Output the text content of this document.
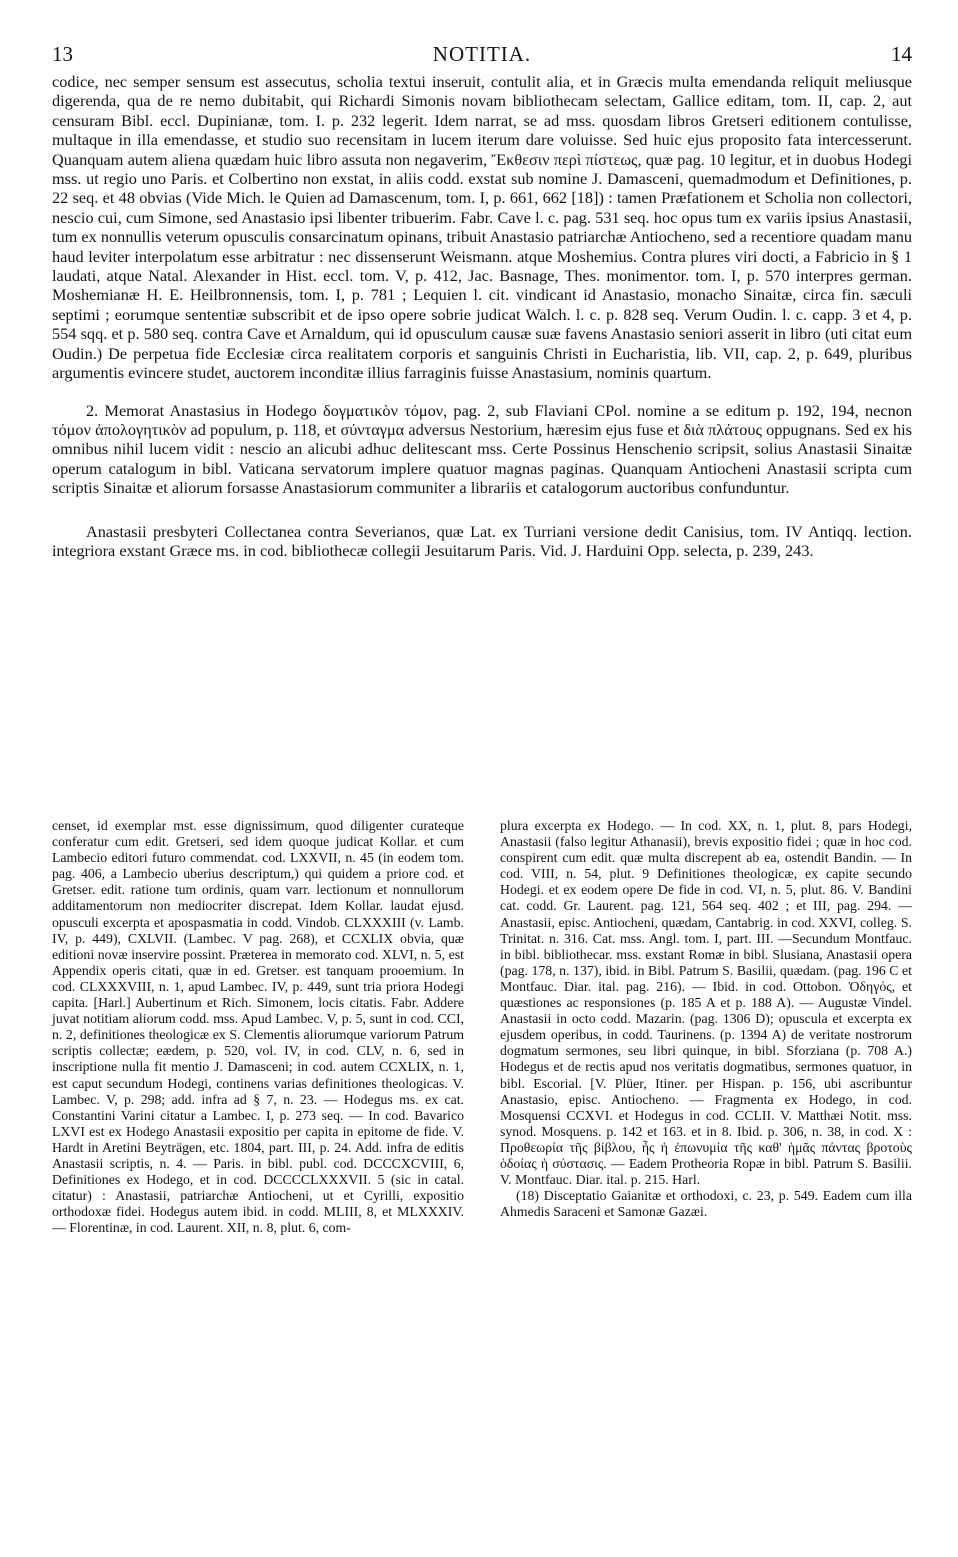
13	NOTITIA.	14

codice, nec semper sensum est assecutus, scholia textui inseruit, contulit alia, et in Græcis multa emendanda reliquit meliusque digerenda, qua de re nemo dubitabit, qui Richardi Simonis novam bibliothecam selectam, Gallice editam, tom. II, cap. 2, aut censuram Bibl. eccl. Dupinianæ, tom. I. p. 232 legerit. Idem narrat, se ad mss. quosdam libros Gretseri editionem contulisse, multaque in illa emendasse, et studio suo recensitam in lucem iterum dare voluisse. Sed huic ejus proposito fata intercesserunt. Quanquam autem aliena quædam huic libro assuta non negaverim, Ἔκθεσιν περὶ πίστεως, quæ pag. 10 legitur, et in duobus Hodegi mss. ut regio uno Paris. et Colbertino non exstat, in aliis codd. exstat sub nomine J. Damasceni, quemadmodum et Definitiones, p. 22 seq. et 48 obvias (Vide Mich. le Quien ad Damascenum, tom. I, p. 661, 662 [18]) : tamen Præfationem et Scholia non collectori, nescio cui, cum Simone, sed Anastasio ipsi libenter tribuerim. Fabr. Cave l. c. pag. 531 seq. hoc opus tum ex variis ipsius Anastasii, tum ex nonnullis veterum opusculis consarcinatum opinans, tribuit Anastasio patriarchæ Antiocheno, sed a recentiore quadam manu haud leviter interpolatum esse arbitratur : nec dissenserunt Weismann. atque Moshemius. Contra plures viri docti, a Fabricio in § 1 laudati, atque Natal. Alexander in Hist. eccl. tom. V, p. 412, Jac. Basnage, Thes. monimentor. tom. I, p. 570 interpres german. Moshemianæ H. E. Heilbronnensis, tom. I, p. 781 ; Lequien l. cit. vindicant id Anastasio, monacho Sinaitæ, circa fin. sæculi septimi ; eorumque sententiæ subscribit et de ipso opere sobrie judicat Walch. l. c. p. 828 seq. Verum Oudin. l. c. capp. 3 et 4, p. 554 sqq. et p. 580 seq. contra Cave et Arnaldum, qui id opusculum causæ suæ favens Anastasio seniori asserit in libro (uti citat eum Oudin.) De perpetua fide Ecclesiæ circa realitatem corporis et sanguinis Christi in Eucharistia, lib. VII, cap. 2, p. 649, pluribus argumentis evincere studet, auctorem inconditæ illius farraginis fuisse Anastasium, nominis quartum.

2. Memorat Anastasius in Hodego δογματικὸν τόμον, pag. 2, sub Flaviani CPol. nomine a se editum p. 192, 194, necnon τόμον ἀπολογητικὸν ad populum, p. 118, et σύνταγμα adversus Nestorium, hæresim ejus fuse et διὰ πλάτους oppugnans. Sed ex his omnibus nihil lucem vidit : nescio an alicubi adhuc delitescant mss. Certe Possinus Henschenio scripsit, solius Anastasii Sinaitæ operum catalogum in bibl. Vaticana servatorum implere quatuor magnas paginas. Quanquam Antiocheni Anastasii scripta cum scriptis Sinaitæ et aliorum forsasse Anastasiorum communiter a librariis et catalogorum auctoribus confunduntur.

Anastasii presbyteri Collectanea contra Severianos, quæ Lat. ex Turriani versione dedit Canisius, tom. IV Antiqq. lection. integriora exstant Græce ms. in cod. bibliothecæ collegii Jesuitarum Paris. Vid. J. Harduini Opp. selecta, p. 239, 243.

censet, id exemplar mst. esse dignissimum, quod diligenter curateque conferatur cum edit. Gretseri, sed idem quoque judicat Kollar. et cum Lambecio editori futuro commendat. cod. LXXVII, n. 45 (in eodem tom. pag. 406, a Lambecio uberius descriptum,) qui quidem a priore cod. et Gretser. edit. ratione tum ordinis, quam varr. lectionum et nonnullorum additamentorum non mediocriter discrepat. Idem Kollar. laudat ejusd. opusculi excerpta et apospasmatia in codd. Vindob. CLXXXIII (v. Lamb. IV, p. 449), CXLVII. (Lambec. V pag. 268), et CCXLIX obvia, quæ editioni novæ inservire possint. Præterea in memorato cod. XLVI, n. 5, est Appendix operis citati, quæ in ed. Gretser. est tanquam prooemium. In cod. CLXXXVIII, n. 1, apud Lambec. IV, p. 449, sunt tria priora Hodegi capita. [Harl.] Aubertinum et Rich. Simonem, locis citatis. Fabr. Addere juvat notitiam aliorum codd. mss. Apud Lambec. V, p. 5, sunt in cod. CCI, n. 2, definitiones theologicæ ex S. Clementis aliorumque variorum Patrum scriptis collectæ; eædem, p. 520, vol. IV, in cod. CLV, n. 6, sed in inscriptione nulla fit mentio J. Damasceni; in cod. autem CCXLIX, n. 1, est caput secundum Hodegi, continens varias definitiones theologicas. V. Lambec. V, p. 298; add. infra ad § 7, n. 23. — Hodegus ms. ex cat. Constantini Varini citatur a Lambec. I, p. 273 seq. — In cod. Bavarico LXVI est ex Hodego Anastasii expositio per capita in epitome de fide. V. Hardt in Aretini Beyträgen, etc. 1804, part. III, p. 24. Add. infra de editis Anastasii scriptis, n. 4. — Paris. in bibl. publ. cod. DCCCXCVIII, 6, Definitiones ex Hodego, et in cod. DCCCCLXXXVII. 5 (sic in catal. citatur) : Anastasii, patriarchæ Antiocheni, ut et Cyrilli, expositio orthodoxæ fidei. Hodegus autem ibid. in codd. MLIII, 8, et MLXXXIV. — Florentinæ, in cod. Laurent. XII, n. 8, plut. 6, com-

plura excerpta ex Hodego. — In cod. XX, n. 1, plut. 8, pars Hodegi, Anastasii (falso legitur Athanasii), brevis expositio fidei ; quæ in hoc cod. conspirent cum edit. quæ multa discrepent ab ea, ostendit Bandin. — In cod. VIII, n. 54, plut. 9 Definitiones theologicæ, ex capite secundo Hodegi. et ex eodem opere De fide in cod. VI, n. 5, plut. 86. V. Bandini cat. codd. Gr. Laurent. pag. 121, 564 seq. 402 ; et III, pag. 294. — Anastasii, episc. Antiocheni, quædam, Cantabrig. in cod. XXVI, colleg. S. Trinitat. n. 316. Cat. mss. Angl. tom. I, part. III. —Secundum Montfauc. in bibl. bibliothecar. mss. exstant Romæ in bibl. Slusiana, Anastasii opera (pag. 178, n. 137), ibid. in Bibl. Patrum S. Basilii, quædam. (pag. 196 C et Montfauc. Diar. ital. pag. 216). — Ibid. in cod. Ottobon. Ὁδηγός, et quæstiones ac responsiones (p. 185 A et p. 188 A). — Augustæ Vindel. Anastasii in octo codd. Mazarin. (pag. 1306 D); opuscula et excerpta ex ejusdem operibus, in codd. Taurinens. (p. 1394 A) de veritate nostrorum dogmatum sermones, seu libri quinque, in bibl. Sforziana (p. 708 A.) Hodegus et de rectis apud nos veritatis dogmatibus, sermones quatuor, in bibl. Escorial. [V. Plüer, Itiner. per Hispan. p. 156, ubi ascribuntur Anastasio, episc. Antiocheno. — Fragmenta ex Hodego, in cod. Mosquensi CCXVI. et Hodegus in cod. CCLII. V. Matthæi Notit. mss. synod. Mosquens. p. 142 et 163. et in 8. Ibid. p. 306, n. 38, in cod. X : Προθεωρία τῆς βίβλου, ἧς ἡ ἐπωνυμία τῆς καθ' ἡμᾶς πάντας βροτοὺς ὁδοίας ἡ σύστασις. — Eadem Protheoria Ropæ in bibl. Patrum S. Basilii. V. Montfauc. Diar. ital. p. 215. Harl.

(18) Disceptatio Gaianitæ et orthodoxi, c. 23, p. 549. Eadem cum illa Ahmedis Saraceni et Samonæ Gazæi.
